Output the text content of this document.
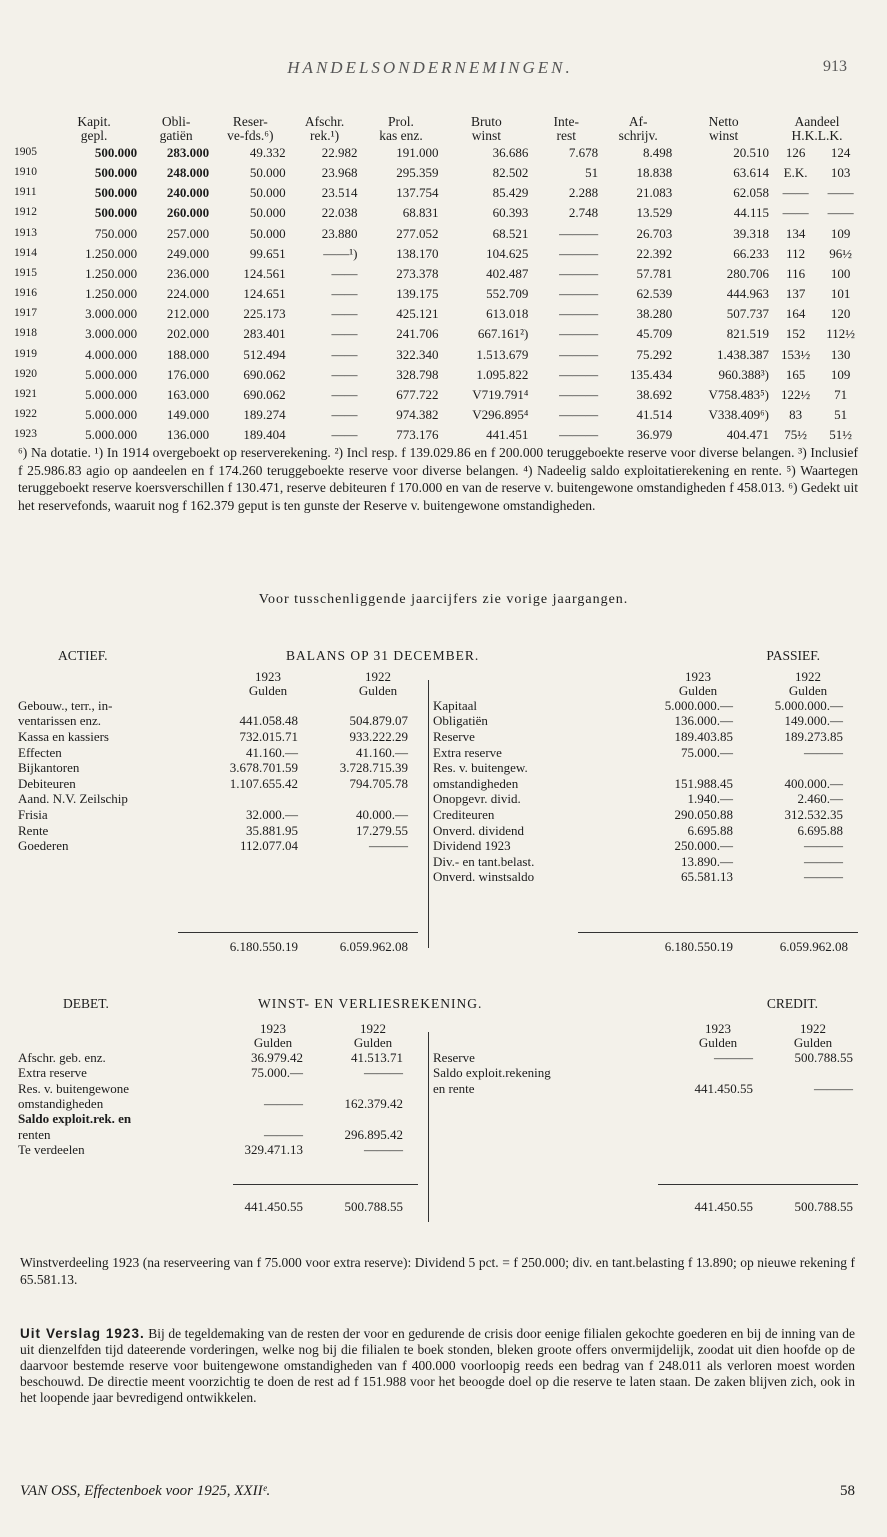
HANDELSONDERNEMINGEN.	913
	Kapit.	Obli-	Reser-	Afschr.	Prol.	Bruto	Inte-	Af-	Netto	Aandeel	
	gepl.	gatiën	ve-fds.⁶)	rek.¹)	kas enz.	winst	rest	schrijv.	winst	H.K.L.K.	
1905	500.000	283.000	49.332	22.982	191.000	36.686	7.678	8.498	20.510	126	124
1910	500.000	248.000	50.000	23.968	295.359	82.502	51	18.838	63.614	E.K.	103
1911	500.000	240.000	50.000	23.514	137.754	85.429	2.288	21.083	62.058	——	——
1912	500.000	260.000	50.000	22.038	68.831	60.393	2.748	13.529	44.115	——	——
1913	750.000	257.000	50.000	23.880	277.052	68.521	———	26.703	39.318	134	109
1914	1.250.000	249.000	99.651	——¹)	138.170	104.625	———	22.392	66.233	112	96½
1915	1.250.000	236.000	124.561	——	273.378	402.487	———	57.781	280.706	116	100
1916	1.250.000	224.000	124.651	——	139.175	552.709	———	62.539	444.963	137	101
1917	3.000.000	212.000	225.173	——	425.121	613.018	———	38.280	507.737	164	120
1918	3.000.000	202.000	283.401	——	241.706	667.161²)	———	45.709	821.519	152	112½
1919	4.000.000	188.000	512.494	——	322.340	1.513.679	———	75.292	1.438.387	153½	130
1920	5.000.000	176.000	690.062	——	328.798	1.095.822	———	135.434	960.388³)	165	109
1921	5.000.000	163.000	690.062	——	677.722	V719.791⁴	———	38.692	V758.483⁵)	122½	71
1922	5.000.000	149.000	189.274	——	974.382	V296.895⁴	———	41.514	V338.409⁶)	83	51
1923	5.000.000	136.000	189.404	——	773.176	441.451	———	36.979	404.471	75½	51½

⁶) Na dotatie. ¹) In 1914 overgeboekt op reserverekening. ²) Incl resp. f 139.029.86 en f 200.000 teruggeboekte reserve voor diverse belangen. ³) Inclusief f 25.986.83 agio op aandeelen en f 174.260 teruggeboekte reserve voor diverse belangen. ⁴) Nadeelig saldo exploitatierekening en rente. ⁵) Waartegen teruggeboekt reserve koersverschillen f 130.471, reserve debiteuren f 170.000 en van de reserve v. buitengewone omstandigheden f 458.013. ⁶) Gedekt uit het reservefonds, waaruit nog f 162.379 geput is ten gunste der Reserve v. buitengewone omstandigheden.

Voor tusschenliggende jaarcijfers zie vorige jaargangen.
ACTIEF.	BALANS OP 31 DECEMBER.	PASSIEF.
1923	1922
Gulden	Gulden
Gebouw., terr., in-
ventarissen enz.	441.058.48	504.879.07
Kassa en kassiers	732.015.71	933.222.29
Effecten	41.160.—	41.160.—
Bijkantoren	3.678.701.59	3.728.715.39
Debiteuren	1.107.655.42	794.705.78
Aand. N.V. Zeilschip
Frisia	32.000.—	40.000.—
Rente	35.881.95	17.279.55
Goederen	112.077.04	———
1923	1922
Gulden	Gulden
Kapitaal	5.000.000.—	5.000.000.—
Obligatiën	136.000.—	149.000.—
Reserve	189.403.85	189.273.85
Extra reserve	75.000.—	———
Res. v. buitengew.
omstandigheden	151.988.45	400.000.—
Onopgevr. divid.	1.940.—	2.460.—
Crediteuren	290.050.88	312.532.35
Onverd. dividend	6.695.88	6.695.88
Dividend 1923	250.000.—	———
Div.- en tant.belast.	13.890.—	———
Onverd. winstsaldo	65.581.13	———
6.180.550.19	6.059.962.08	6.180.550.19	6.059.962.08
DEBET.	WINST- EN VERLIESREKENING.	CREDIT.
1923	1922
Gulden	Gulden
Afschr. geb. enz.	36.979.42	41.513.71
Extra reserve	75.000.—	———
Res. v. buitengewone
omstandigheden	———	162.379.42
Saldo exploit.rek. en
renten	———	296.895.42
Te verdeelen	329.471.13	———
1923	1922
Gulden	Gulden
Reserve	———	500.788.55
Saldo exploit.rekening
en rente	441.450.55	———
441.450.55	500.788.55	441.450.55	500.788.55
Winstverdeeling 1923 (na reserveering van f 75.000 voor extra reserve): Dividend 5 pct. = f 250.000; div. en tant.belasting f 13.890; op nieuwe rekening f 65.581.13.
Uit Verslag 1923. Bij de tegeldemaking van de resten der voor en gedurende de crisis door eenige filialen gekochte goederen en bij de inning van de uit dienzelfden tijd dateerende vorderingen, welke nog bij die filialen te boek stonden, bleken groote offers onvermijdelijk, zoodat uit dien hoofde op de daarvoor bestemde reserve voor buitengewone omstandigheden van f 400.000 voorloopig reeds een bedrag van f 248.011 als verloren moest worden beschouwd. De directie meent voorzichtig te doen de rest ad f 151.988 voor het beoogde doel op die reserve te laten staan. De zaken blijven zich, ook in het loopende jaar bevredigend ontwikkelen.
VAN OSS, Effectenboek voor 1925, XXIIᵉ.	58
